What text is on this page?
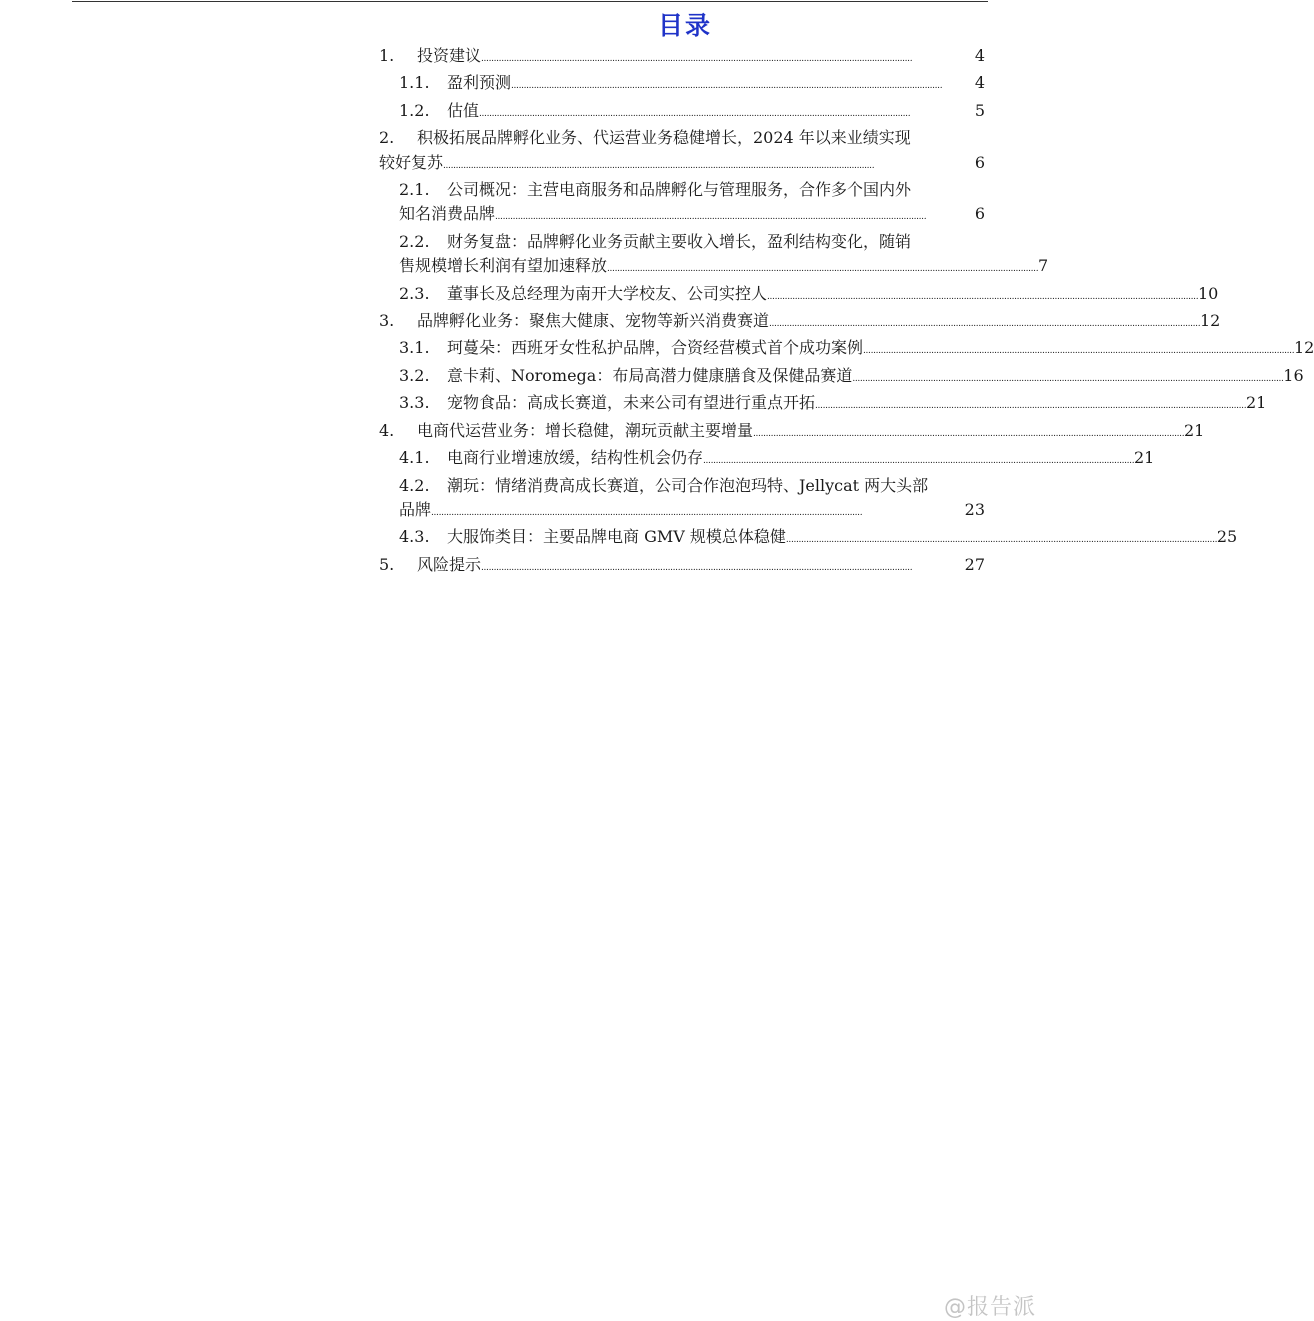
目录
1.	投资建议 . . .	4
1.1.	盈利预测 . . .	4
1.2.	估值 . . .	5
2.	积极拓展品牌孵化业务、代运营业务稳健增长，2024 年以来业绩实现
较好复苏 . . .	6
2.1.	公司概况：主营电商服务和品牌孵化与管理服务，合作多个国内外
知名消费品牌 . . .	6
2.2.	财务复盘：品牌孵化业务贡献主要收入增长，盈利结构变化，随销
售规模增长利润有望加速释放 . . .	7
2.3.	董事长及总经理为南开大学校友、公司实控人 . . .	10
3.	品牌孵化业务：聚焦大健康、宠物等新兴消费赛道 . . .	12
3.1.	珂蔓朵：西班牙女性私护品牌，合资经营模式首个成功案例 . . .	12
3.2.	意卡莉、Noromega：布局高潜力健康膳食及保健品赛道 . . .	16
3.3.	宠物食品：高成长赛道，未来公司有望进行重点开拓 . . .	21
4.	电商代运营业务：增长稳健，潮玩贡献主要增量 . . .	21
4.1.	电商行业增速放缓，结构性机会仍存 . . .	21
4.2.	潮玩：情绪消费高成长赛道，公司合作泡泡玛特、Jellycat 两大头部
品牌 . . .	23
4.3.	大服饰类目：主要品牌电商 GMV 规模总体稳健 . . .	25
5.	风险提示 . . .	27
@报告派
